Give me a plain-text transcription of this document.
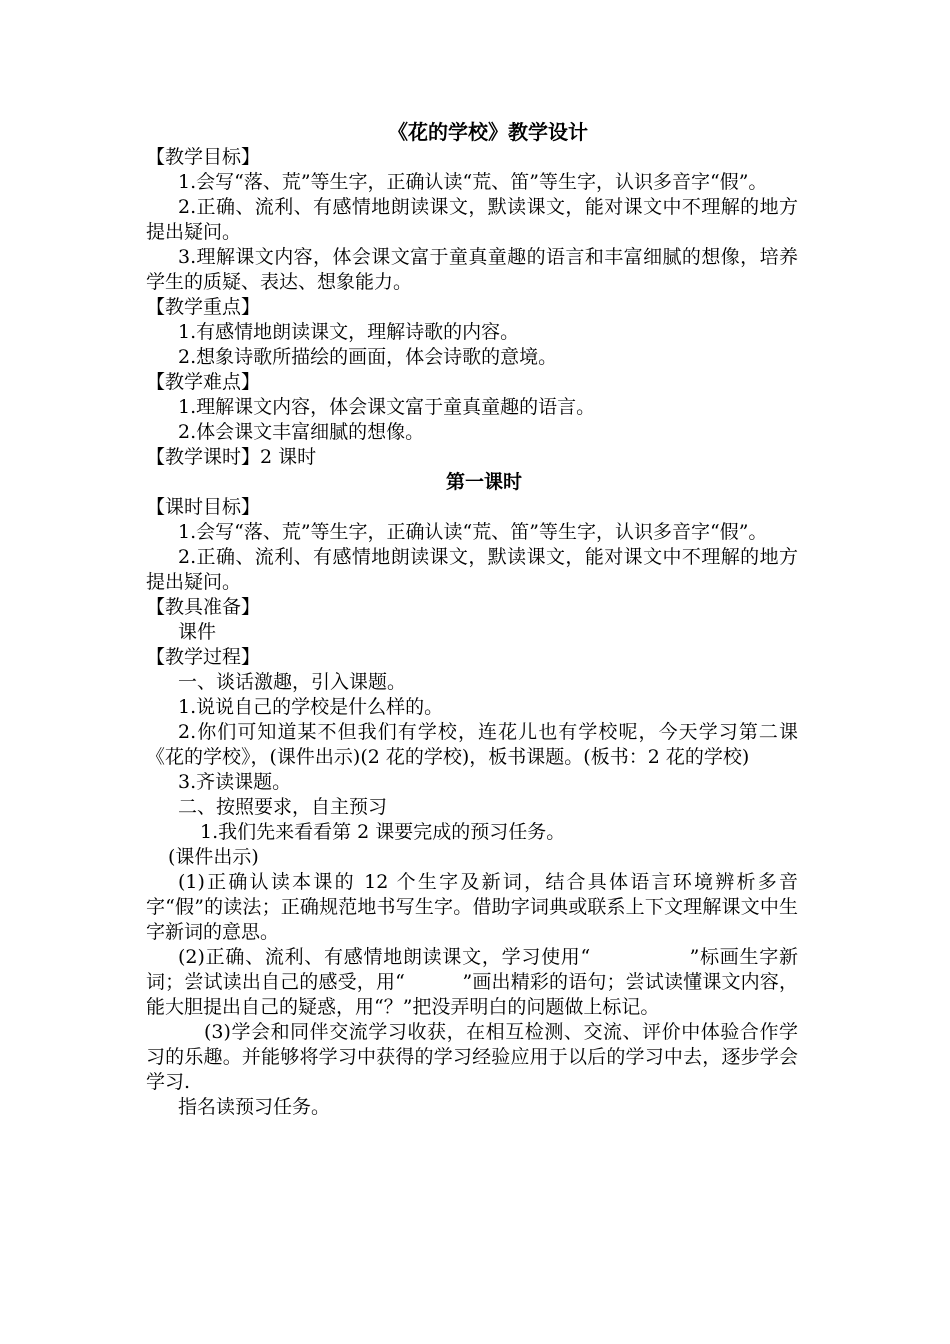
《花的学校》教学设计

【教学目标】

1.会写“落、荒”等生字，正确认读“荒、笛”等生字，认识多音字“假”。

2.正确、流利、有感情地朗读课文，默读课文，能对课文中不理解的地方提出疑问。

3.理解课文内容，体会课文富于童真童趣的语言和丰富细腻的想像，培养学生的质疑、表达、想象能力。

【教学重点】

1.有感情地朗读课文，理解诗歌的内容。

2.想象诗歌所描绘的画面，体会诗歌的意境。

【教学难点】

1.理解课文内容，体会课文富于童真童趣的语言。

2.体会课文丰富细腻的想像。

【教学课时】2 课时

第一课时

【课时目标】

1.会写“落、荒”等生字，正确认读“荒、笛”等生字，认识多音字“假”。

2.正确、流利、有感情地朗读课文，默读课文，能对课文中不理解的地方提出疑问。

【教具准备】

课件

【教学过程】

一、谈话激趣，引入课题。

1.说说自己的学校是什么样的。

2.你们可知道某不但我们有学校，连花儿也有学校呢，今天学习第二课《花的学校》，(课件出示)(2 花的学校)，板书课题。(板书：2 花的学校)

3.齐读课题。

二、按照要求，自主预习

1.我们先来看看第 2 课要完成的预习任务。

(课件出示)

(1)正确认读本课的 12 个生字及新词，结合具体语言环境辨析多音字“假”的读法；正确规范地书写生字。借助字词典或联系上下文理解课文中生字新词的意思。

(2)正确、流利、有感情地朗读课文，学习使用“　　　　　”标画生字新词；尝试读出自己的感受，用“　　　”画出精彩的语句；尝试读懂课文内容，能大胆提出自己的疑惑，用“？”把没弄明白的问题做上标记。

(3)学会和同伴交流学习收获，在相互检测、交流、评价中体验合作学习的乐趣。并能够将学习中获得的学习经验应用于以后的学习中去，逐步学会学习.

指名读预习任务。
